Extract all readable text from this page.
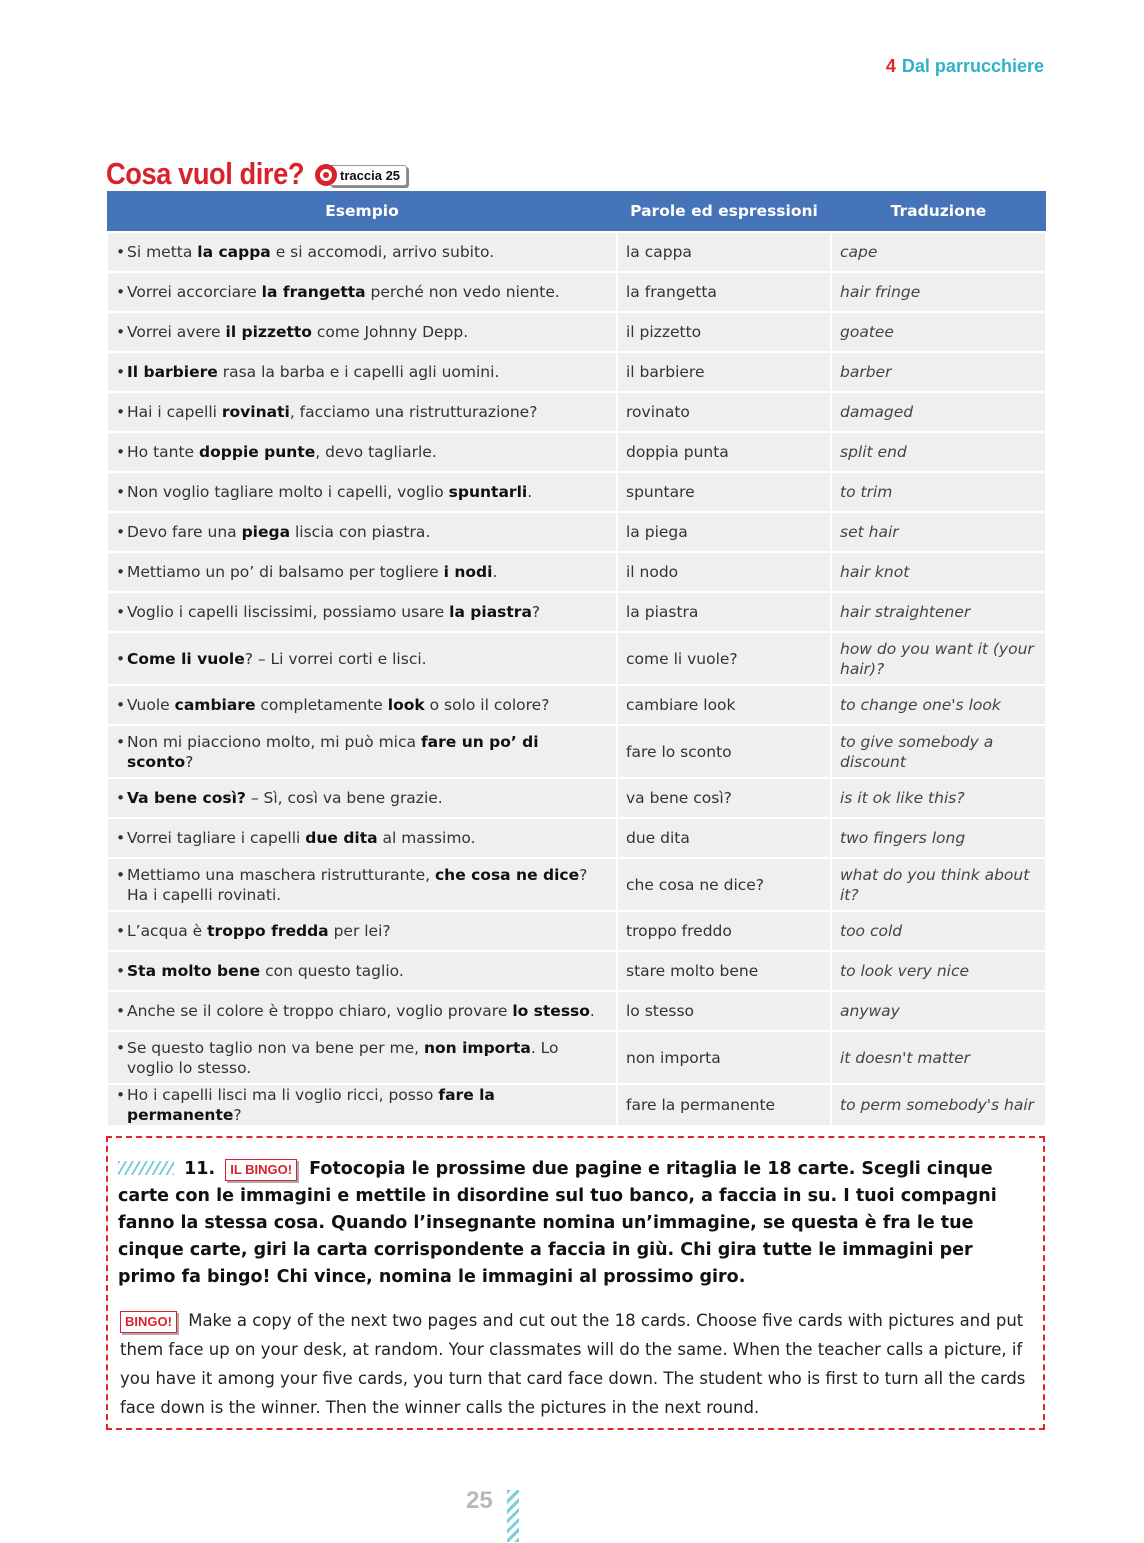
4 Dal parrucchiere
Cosa vuol dire?	traccia 25
Esempio	Parole ed espressioni	Traduzione

• Si metta la cappa e si accomodi, arrivo subito.	la cappa	cape

• Vorrei accorciare la frangetta perché non vedo niente.	la frangetta	hair fringe

• Vorrei avere il pizzetto come Johnny Depp.	il pizzetto	goatee

• Il barbiere rasa la barba e i capelli agli uomini.	il barbiere	barber

• Hai i capelli rovinati, facciamo una ristrutturazione?	rovinato	damaged

• Ho tante doppie punte, devo tagliarle.	doppia punta	split end

• Non voglio tagliare molto i capelli, voglio spuntarli.	spuntare	to trim

• Devo fare una piega liscia con piastra.	la piega	set hair

• Mettiamo un po’ di balsamo per togliere i nodi.	il nodo	hair knot

• Voglio i capelli liscissimi, possiamo usare la piastra?	la piastra	hair straightener

• Come li vuole? – Li vorrei corti e lisci.	come li vuole?	how do you want it (your hair)?

• Vuole cambiare completamente look o solo il colore?	cambiare look	to change one's look

• Non mi piacciono molto, mi può mica fare un po’ di sconto?	fare lo sconto	to give somebody a discount

• Va bene così? – Sì, così va bene grazie.	va bene così?	is it ok like this?

• Vorrei tagliare i capelli due dita al massimo.	due dita	two fingers long

• Mettiamo una maschera ristrutturante, che cosa ne dice? Ha i capelli rovinati.	che cosa ne dice?	what do you think about it?

• L’acqua è troppo fredda per lei?	troppo freddo	too cold

• Sta molto bene con questo taglio.	stare molto bene	to look very nice

• Anche se il colore è troppo chiaro, voglio provare lo stesso.	lo stesso	anyway

• Se questo taglio non va bene per me, non importa. Lo voglio lo stesso.	non importa	it doesn't matter

• Ho i capelli lisci ma li voglio ricci, posso fare la permanente?	fare la permanente	to perm somebody's hair
11. IL BINGO! Fotocopia le prossime due pagine e ritaglia le 18 carte. Scegli cinque carte con le immagini e mettile in disordine sul tuo banco, a faccia in su. I tuoi compagni fanno la stessa cosa. Quando l’insegnante nomina un’immagine, se questa è fra le tue cinque carte, giri la carta corrispondente a faccia in giù. Chi gira tutte le immagini per primo fa bingo! Chi vince, nomina le immagini al prossimo giro.
BINGO! Make a copy of the next two pages and cut out the 18 cards. Choose five cards with pictures and put them face up on your desk, at random. Your classmates will do the same. When the teacher calls a picture, if you have it among your five cards, you turn that card face down. The student who is first to turn all the cards face down is the winner. Then the winner calls the pictures in the next round.
25
